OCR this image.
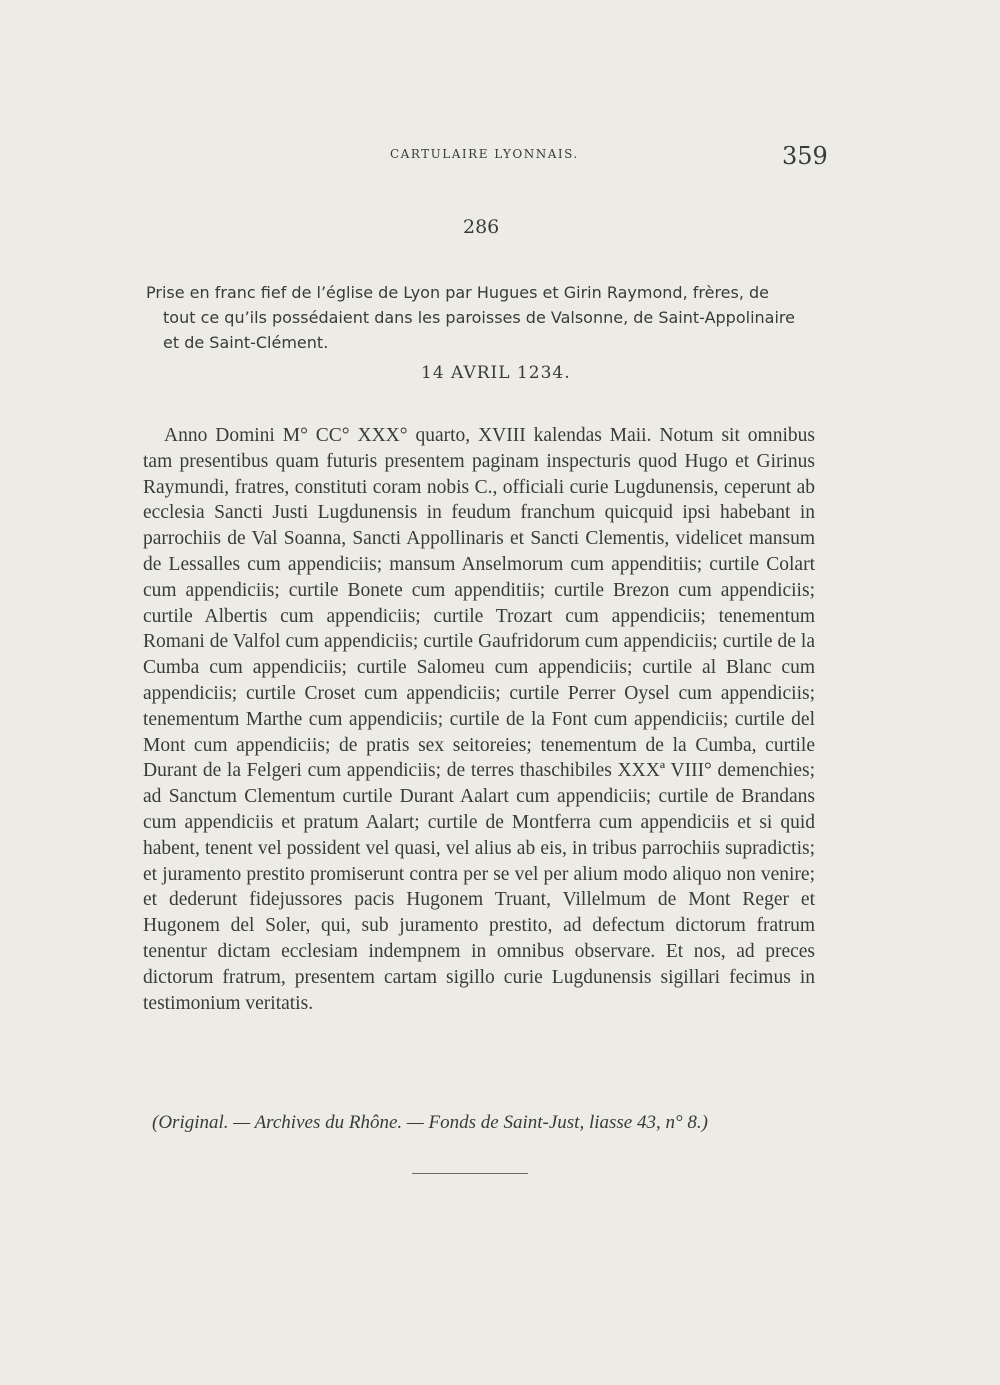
CARTULAIRE LYONNAIS.	359
286
Prise en franc fief de l’église de Lyon par Hugues et Girin Raymond, frères, de
tout ce qu’ils possédaient dans les paroisses de Valsonne, de Saint-Appolinaire
et de Saint-Clément.
14 AVRIL 1234.

Anno Domini M° CC° XXX° quarto, XVIII kalendas Maii. Notum sit omnibus tam presentibus quam futuris presentem paginam inspecturis quod Hugo et Girinus Raymundi, fratres, constituti coram nobis C., officiali curie Lugdunensis, ceperunt ab ecclesia Sancti Justi Lugdunensis in feudum franchum quicquid ipsi habebant in parrochiis de Val Soanna, Sancti Appollinaris et Sancti Clementis, videlicet mansum de Lessalles cum appendiciis; mansum Anselmorum cum appenditiis; curtile Colart cum appendiciis; curtile Bonete cum appenditiis; curtile Brezon cum appendiciis; curtile Albertis cum appendiciis; curtile Trozart cum appendiciis; tenementum Romani de Valfol cum appendiciis; curtile Gaufridorum cum appendiciis; curtile de la Cumba cum appendiciis; curtile Salomeu cum appendiciis; curtile al Blanc cum appendiciis; curtile Croset cum appendiciis; curtile Perrer Oysel cum appendiciis; tenementum Marthe cum appendiciis; curtile de la Font cum appendiciis; curtile del Mont cum appendiciis; de pratis sex seitoreies; tenementum de la Cumba, curtile Durant de la Felgeri cum appendiciis; de terres thaschibiles XXXª VIII° demenchies; ad Sanctum Clementum curtile Durant Aalart cum appendiciis; curtile de Brandans cum appendiciis et pratum Aalart; curtile de Montferra cum appendiciis et si quid habent, tenent vel possident vel quasi, vel alius ab eis, in tribus parrochiis supradictis; et juramento prestito promiserunt contra per se vel per alium modo aliquo non venire; et dederunt fidejussores pacis Hugonem Truant, Villelmum de Mont Reger et Hugonem del Soler, qui, sub juramento prestito, ad defectum dictorum fratrum tenentur dictam ecclesiam indempnem in omnibus observare. Et nos, ad preces dictorum fratrum, presentem cartam sigillo curie Lugdunensis sigillari fecimus in testimonium veritatis.

(Original. — Archives du Rhône. — Fonds de Saint-Just, liasse 43, n° 8.)
